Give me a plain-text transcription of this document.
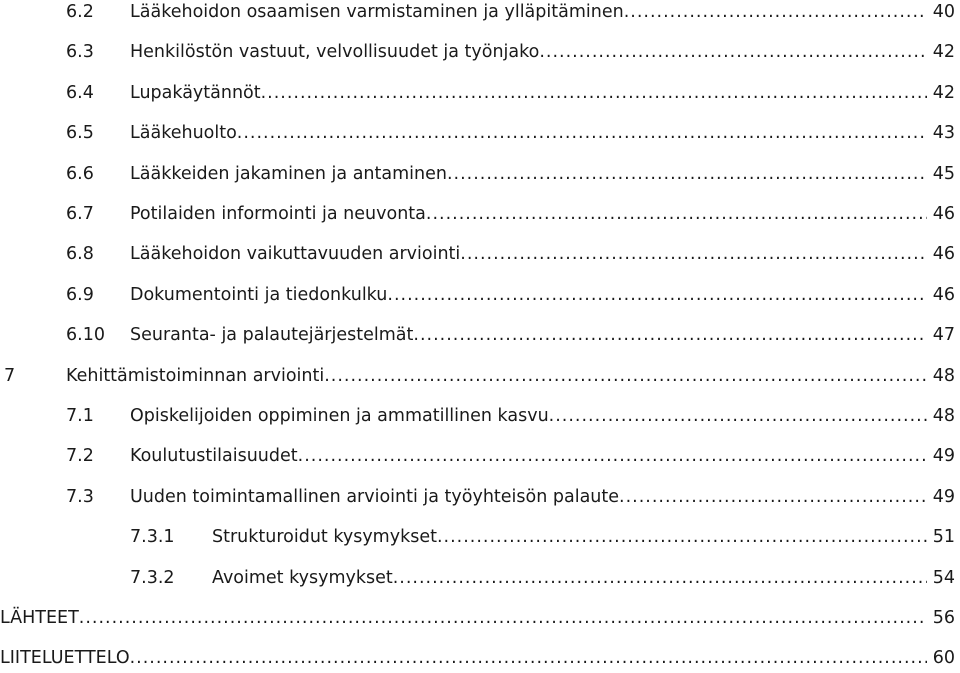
6.2	Lääkehoidon osaamisen varmistaminen ja ylläpitäminen .....	40
6.3	Henkilöstön vastuut, velvollisuudet ja työnjako .....	42
6.4	Lupakäytännöt .....	42
6.5	Lääkehuolto .....	43
6.6	Lääkkeiden jakaminen ja antaminen .....	45
6.7	Potilaiden informointi ja neuvonta .....	46
6.8	Lääkehoidon vaikuttavuuden arviointi .....	46
6.9	Dokumentointi ja tiedonkulku .....	46
6.10	Seuranta- ja palautejärjestelmät .....	47
7	Kehittämistoiminnan arviointi .....	48
7.1	Opiskelijoiden oppiminen ja ammatillinen kasvu .....	48
7.2	Koulutustilaisuudet .....	49
7.3	Uuden toimintamallinen arviointi ja työyhteisön palaute .....	49
7.3.1	Strukturoidut kysymykset .....	51
7.3.2	Avoimet kysymykset .....	54
LÄHTEET .....	56
LIITELUETTELO .....	60
